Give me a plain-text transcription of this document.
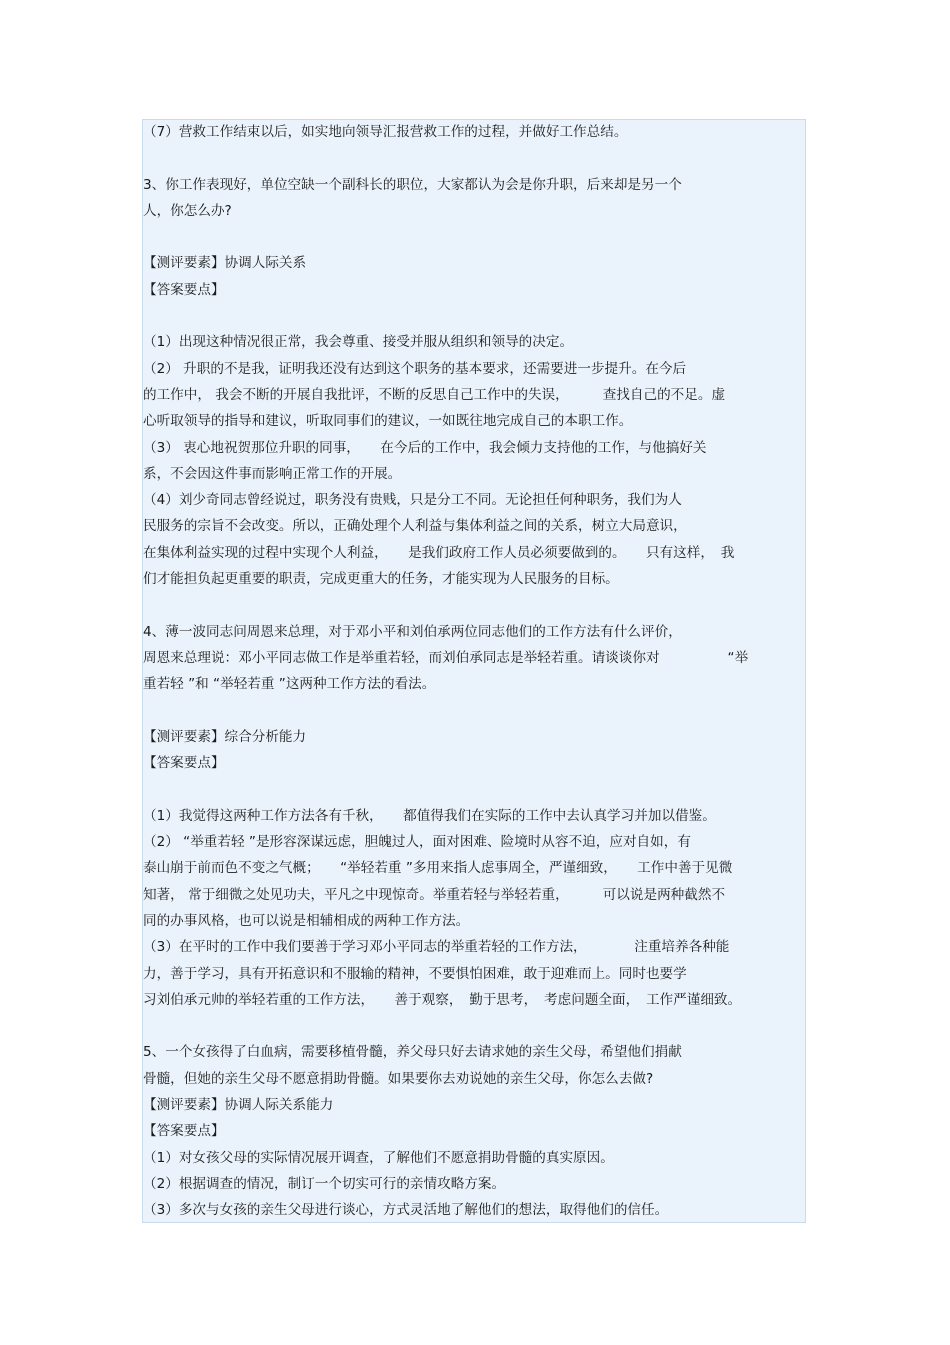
（7）营救工作结束以后，如实地向领导汇报营救工作的过程，并做好工作总结。
3、你工作表现好，单位空缺一个副科长的职位，大家都认为会是你升职，后来却是另一个
人，你怎么办?
【测评要素】协调人际关系
【答案要点】
（1）出现这种情况很正常，我会尊重、接受并服从组织和领导的决定。
（2） 升职的不是我，证明我还没有达到这个职务的基本要求，还需要进一步提升。在今后
的工作中， 我会不断的开展自我批评，不断的反思自己工作中的失误，　　　查找自己的不足。虚
心听取领导的指导和建议，听取同事们的建议，一如既往地完成自己的本职工作。
（3） 衷心地祝贺那位升职的同事，　　在今后的工作中，我会倾力支持他的工作，与他搞好关
系，不会因这件事而影响正常工作的开展。
（4）刘少奇同志曾经说过，职务没有贵贱，只是分工不同。无论担任何种职务，我们为人
民服务的宗旨不会改变。所以，正确处理个人利益与集体利益之间的关系，树立大局意识，
在集体利益实现的过程中实现个人利益，　　是我们政府工作人员必须要做到的。　　只有这样，　我
们才能担负起更重要的职责，完成更重大的任务，才能实现为人民服务的目标。
4、薄一波同志问周恩来总理，对于邓小平和刘伯承两位同志他们的工作方法有什么评价，
周恩来总理说：邓小平同志做工作是举重若轻，而刘伯承同志是举轻若重。请谈谈你对　　　　　“举
重若轻 ”和 “举轻若重 ”这两种工作方法的看法。
【测评要素】综合分析能力
【答案要点】
（1）我觉得这两种工作方法各有千秋，　　都值得我们在实际的工作中去认真学习并加以借鉴。
（2） “举重若轻 ”是形容深谋远虑，胆魄过人，面对困难、险境时从容不迫，应对自如，有
泰山崩于前而色不变之气概；　　“举轻若重 ”多用来指人虑事周全，严谨细致，　　工作中善于见微
知著， 常于细微之处见功夫，平凡之中现惊奇。举重若轻与举轻若重，　　　可以说是两种截然不
同的办事风格，也可以说是相辅相成的两种工作方法。
（3）在平时的工作中我们要善于学习邓小平同志的举重若轻的工作方法，　　　　注重培养各种能
力，善于学习，具有开拓意识和不服输的精神，不要惧怕困难，敢于迎难而上。同时也要学
习刘伯承元帅的举轻若重的工作方法，　　善于观察，　勤于思考，　考虑问题全面，　工作严谨细致。
5、一个女孩得了白血病，需要移植骨髓，养父母只好去请求她的亲生父母，希望他们捐献
骨髓，但她的亲生父母不愿意捐助骨髓。如果要你去劝说她的亲生父母，你怎么去做?
【测评要素】协调人际关系能力
【答案要点】
（1）对女孩父母的实际情况展开调查，了解他们不愿意捐助骨髓的真实原因。
（2）根据调查的情况，制订一个切实可行的亲情攻略方案。
（3）多次与女孩的亲生父母进行谈心，方式灵活地了解他们的想法，取得他们的信任。
